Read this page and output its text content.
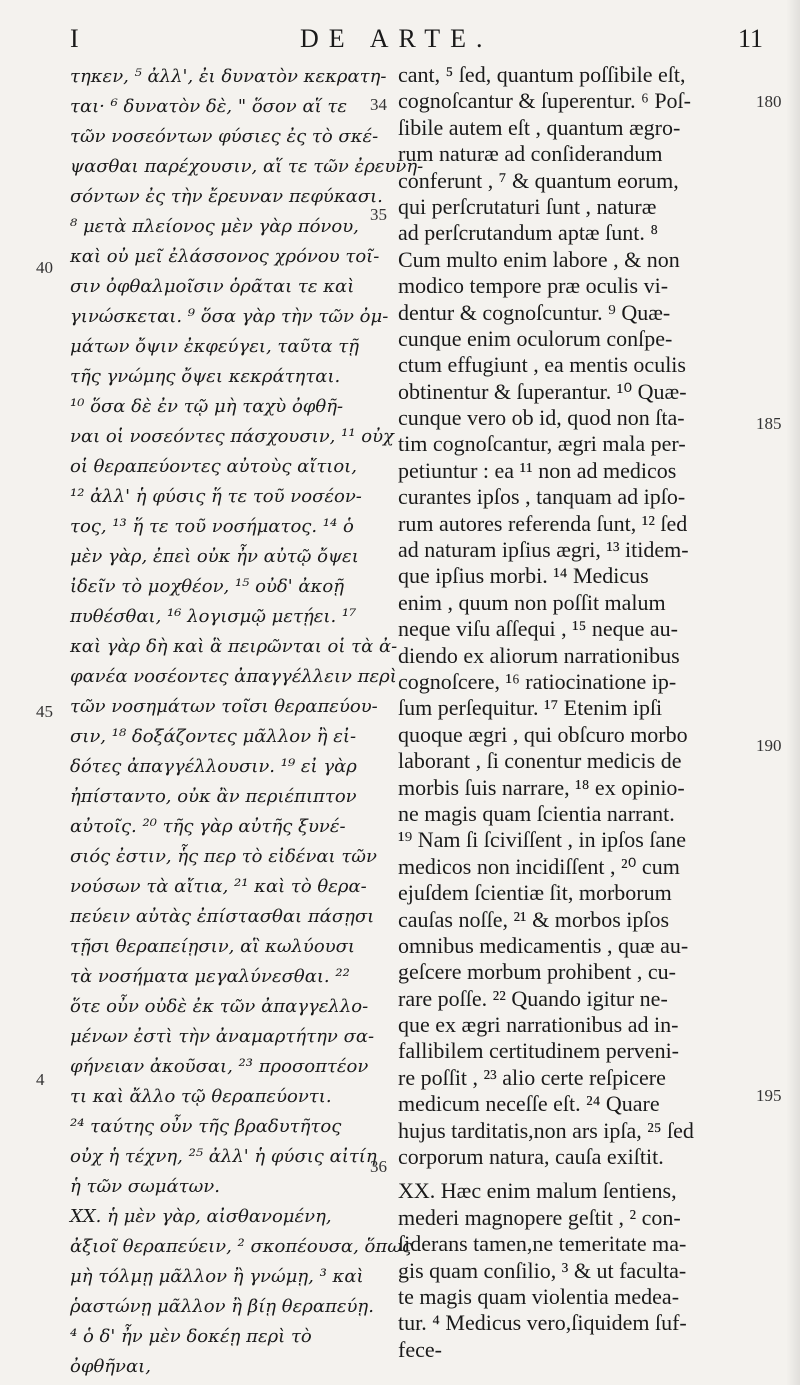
I	DE ARTE.	11
τηκεν, ⁵ ἀλλ', ἐι δυνατὸν κεκρατη-
ται· ⁶ δυνατὸν δὲ, " ὅσον αἵ τε
τῶν νοσεόντων φύσιες ἐς τὸ σκέ-
ψασθαι παρέχουσιν, αἵ τε τῶν ἐρευνη-
σόντων ἐς τὴν ἔρευναν πεφύκασι.
⁸ μετὰ πλείονος μὲν γὰρ πόνου,
καὶ οὐ μεῖ ἐλάσσονος χρόνου τοῖ-
σιν ὀφθαλμοῖσιν ὁρᾶται τε καὶ
γινώσκεται. ⁹ ὅσα γὰρ τὴν τῶν ὀμ-
μάτων ὄψιν ἐκφεύγει, ταῦτα τῇ
τῆς γνώμης ὄψει κεκράτηται.
¹⁰ ὅσα δὲ ἐν τῷ μὴ ταχὺ ὀφθῆ-
ναι οἱ νοσεόντες πάσχουσιν, ¹¹ οὐχ
οἱ θεραπεύοντες αὐτοὺς αἴτιοι,
¹² ἀλλ' ἡ φύσις ἥ τε τοῦ νοσέον-
τος, ¹³ ἥ τε τοῦ νοσήματος. ¹⁴ ὁ
μὲν γὰρ, ἐπεὶ οὐκ ἦν αὐτῷ ὄψει
ἰδεῖν τὸ μοχθέον, ¹⁵ οὐδ' ἀκοῇ
πυθέσθαι, ¹⁶ λογισμῷ μετῄει. ¹⁷
καὶ γὰρ δὴ καὶ ἃ πειρῶνται οἱ τὰ ἀ-
φανέα νοσέοντες ἀπαγγέλλειν περὶ
τῶν νοσημάτων τοῖσι θεραπεύου-
σιν, ¹⁸ δοξάζοντες μᾶλλον ἢ εἰ-
δότες ἀπαγγέλλουσιν. ¹⁹ εἰ γὰρ
ἠπίσταντο, οὐκ ἂν περιέπιπτον
αὐτοῖς. ²⁰ τῆς γὰρ αὐτῆς ξυνέ-
σιός ἐστιν, ἧς περ τὸ εἰδέναι τῶν
νούσων τὰ αἴτια, ²¹ καὶ τὸ θερα-
πεύειν αὐτὰς ἐπίστασθαι πάσῃσι
τῇσι θεραπείῃσιν, αἳ κωλύουσι
τὰ νοσήματα μεγαλύνεσθαι. ²²
ὅτε οὖν οὐδὲ ἐκ τῶν ἀπαγγελλο-
μένων ἐστὶ τὴν ἀναμαρτήτην σα-
φήνειαν ἀκοῦσαι, ²³ προσοπτέον
τι καὶ ἄλλο τῷ θεραπεύοντι.
²⁴ ταύτης οὖν τῆς βραδυτῆτος
οὐχ ἡ τέχνη, ²⁵ ἀλλ' ἡ φύσις αἰτίη
ἡ τῶν σωμάτων.
ΧΧ. ἡ μὲν γὰρ, αἰσθανομένη,
ἀξιοῖ θεραπεύειν, ² σκοπέουσα, ὅπως
μὴ τόλμῃ μᾶλλον ἢ γνώμῃ, ³ καὶ
ῥαστώνῃ μᾶλλον ἢ βίῃ θεραπεύῃ.
⁴ ὁ δ' ἦν μὲν δοκέῃ περὶ τὸ
ὀφθῆναι,
cant, ⁵ ſed, quantum poſſibile eſt,
cognoſcantur & ſuperentur. ⁶ Poſ-
ſibile autem eſt , quantum ægro-
rum naturæ ad conſiderandum
conferunt , ⁷ & quantum eorum,
qui perſcrutaturi ſunt , naturæ
ad perſcrutandum aptæ ſunt. ⁸
Cum multo enim labore , & non
modico tempore præ oculis vi-
dentur & cognoſcuntur. ⁹ Quæ-
cunque enim oculorum conſpe-
ctum effugiunt , ea mentis oculis
obtinentur & ſuperantur. ¹⁰ Quæ-
cunque vero ob id, quod non ſta-
tim cognoſcantur, ægri mala per-
petiuntur : ea ¹¹ non ad medicos
curantes ipſos , tanquam ad ipſo-
rum autores referenda ſunt, ¹² ſed
ad naturam ipſius ægri, ¹³ itidem-
que ipſius morbi. ¹⁴ Medicus
enim , quum non poſſit malum
neque viſu aſſequi , ¹⁵ neque au-
diendo ex aliorum narrationibus
cognoſcere, ¹⁶ ratiocinatione ip-
ſum perſequitur. ¹⁷ Etenim ipſi
quoque ægri , qui obſcuro morbo
laborant , ſi conentur medicis de
morbis ſuis narrare, ¹⁸ ex opinio-
ne magis quam ſcientia narrant.
¹⁹ Nam ſi ſciviſſent , in ipſos ſane
medicos non incidiſſent , ²⁰ cum
ejuſdem ſcientiæ ſit, morborum
cauſas noſſe, ²¹ & morbos ipſos
omnibus medicamentis , quæ au-
geſcere morbum prohibent , cu-
rare poſſe. ²² Quando igitur ne-
que ex ægri narrationibus ad in-
fallibilem certitudinem perveni-
re poſſit , ²³ alio certe reſpicere
medicum neceſſe eſt. ²⁴ Quare
hujus tarditatis,non ars ipſa, ²⁵ ſed
corporum natura, cauſa exiſtit.
XX. Hæc enim malum ſentiens,
mederi magnopere geſtit , ² con-
ſiderans tamen,ne temeritate ma-
gis quam conſilio, ³ & ut faculta-
te magis quam violentia medea-
tur. ⁴ Medicus vero,ſiquidem ſuf-
fece-
40
45
4
34
35
36
180
185
190
195
